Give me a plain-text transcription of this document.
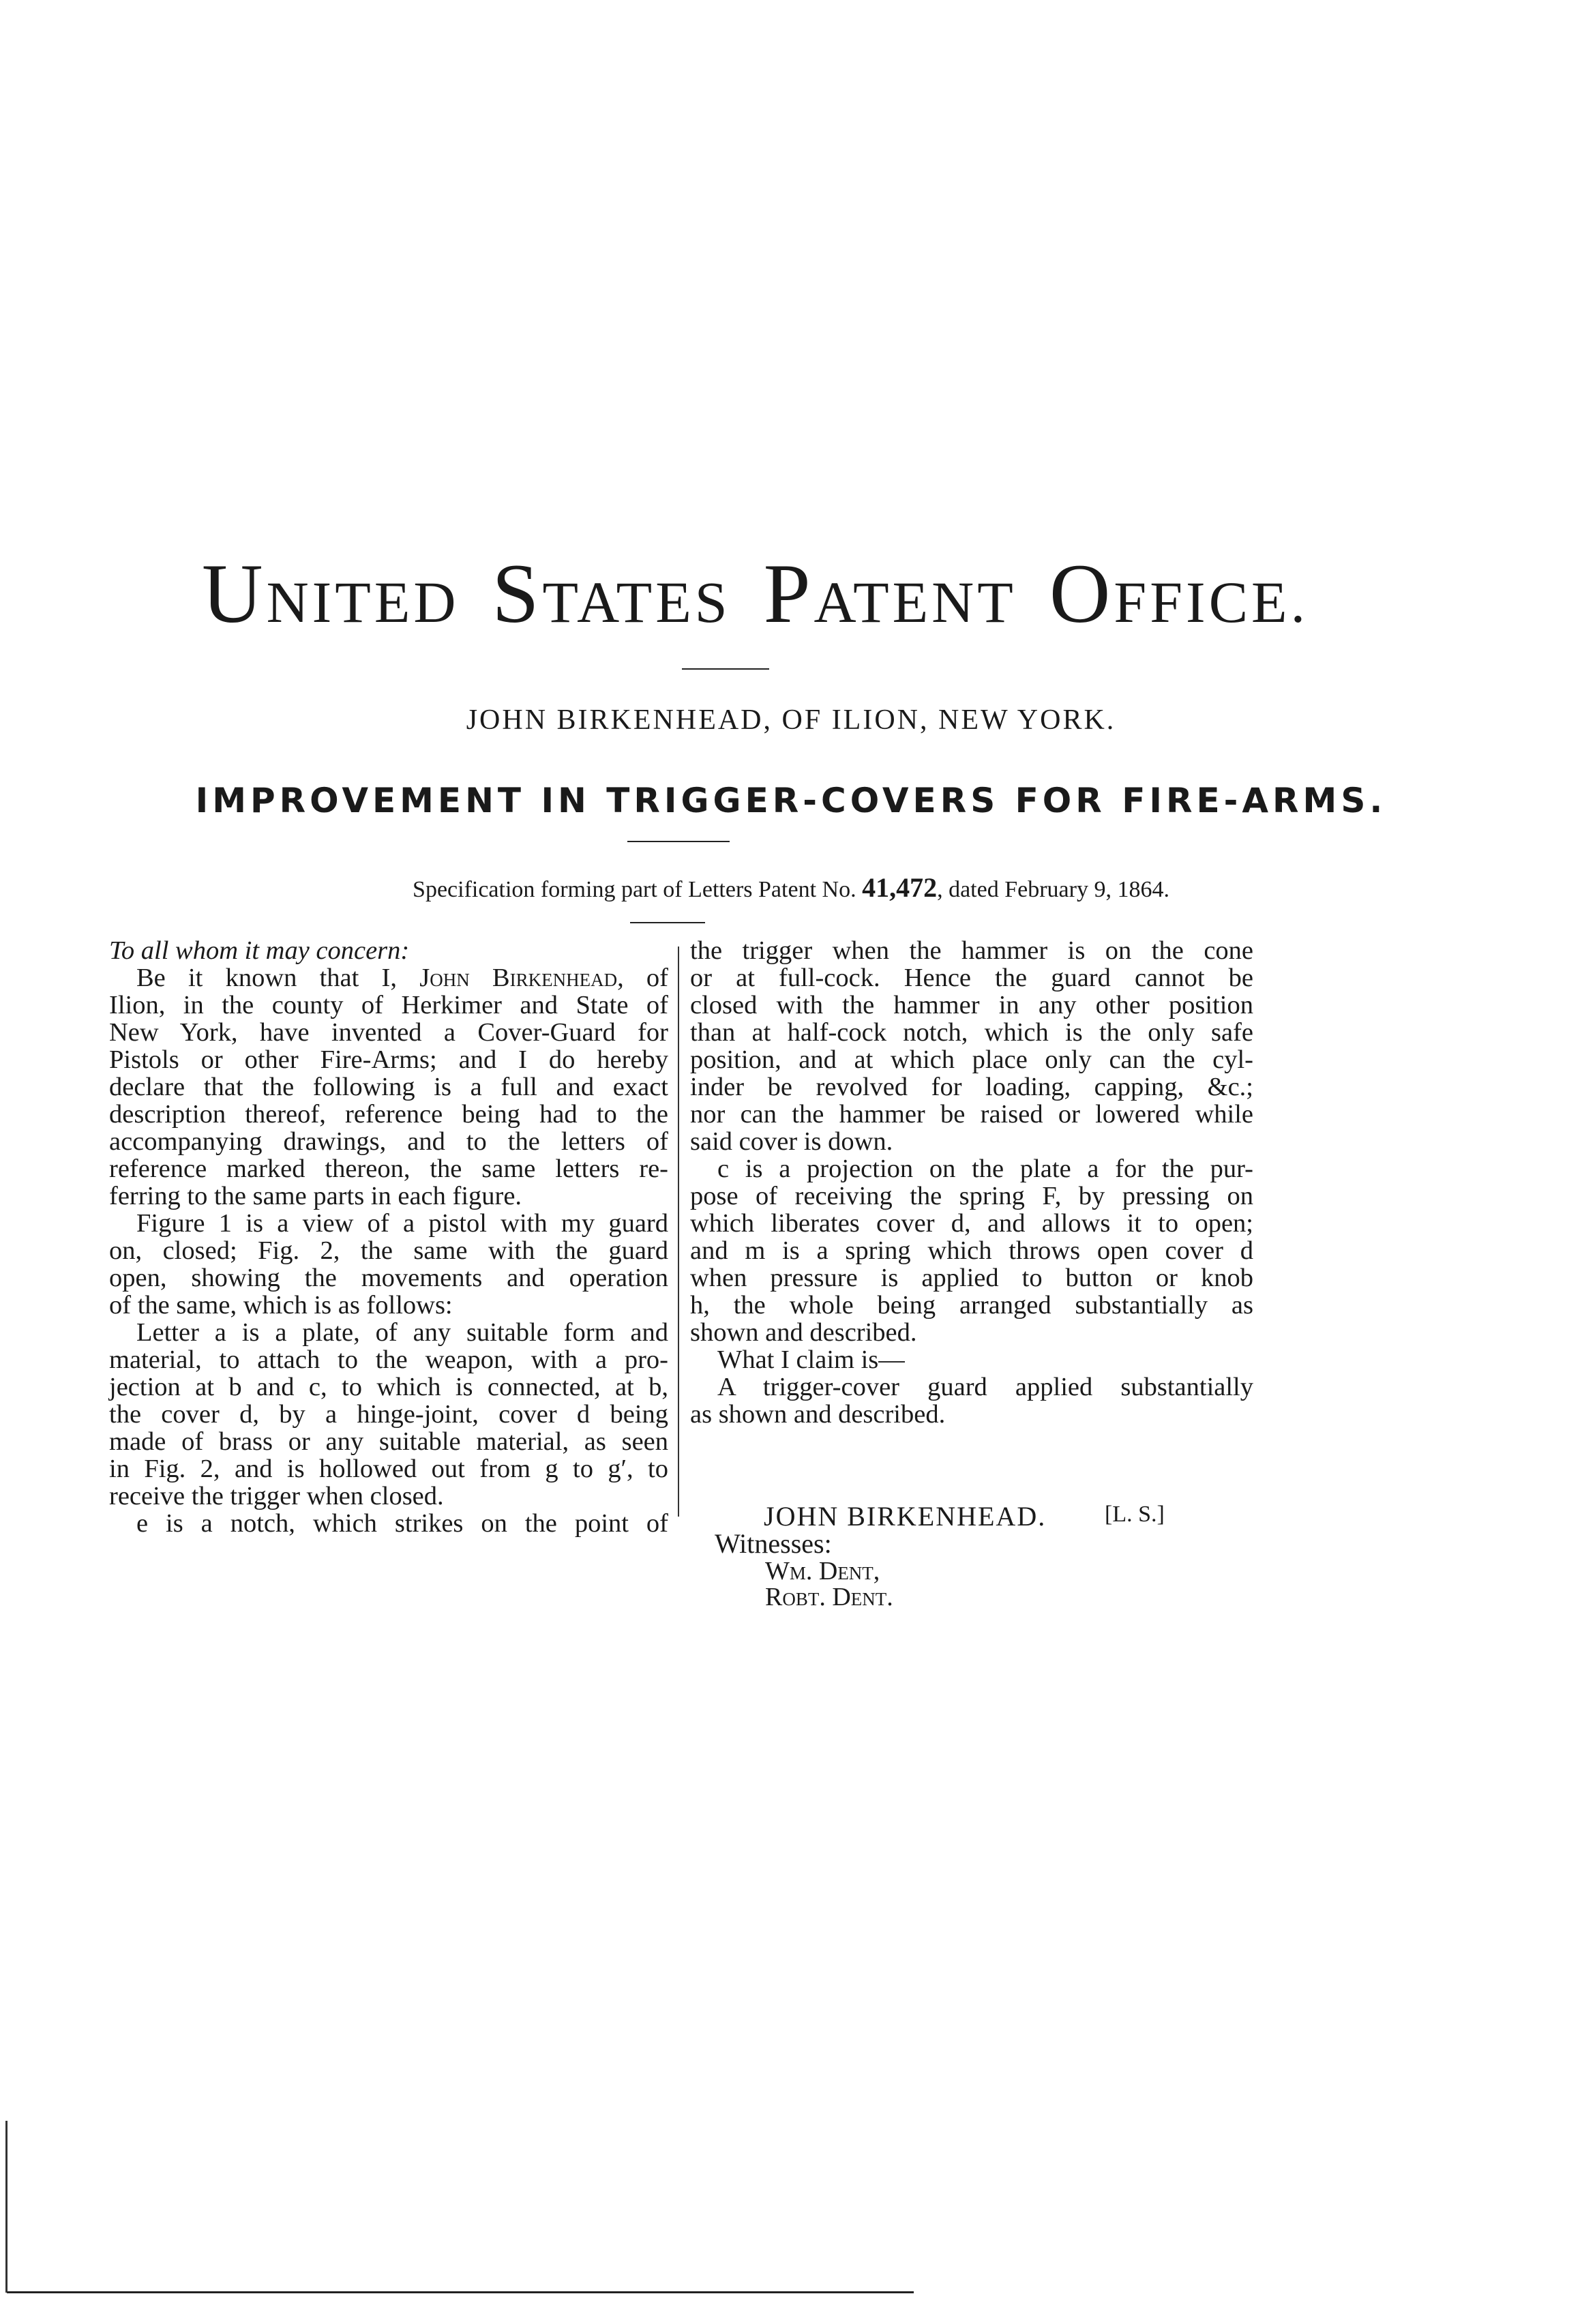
UNITED  STATES  PATENT  OFFICE.
JOHN BIRKENHEAD, OF ILION, NEW YORK.
IMPROVEMENT IN TRIGGER-COVERS FOR FIRE-ARMS.
Specification forming part of Letters Patent No. 41,472, dated February 9, 1864.
To all whom it may concern:
Be it known that I, John Birkenhead, of
Ilion, in the county of Herkimer and State of
New York, have invented a Cover-Guard for
Pistols or other Fire-Arms; and I do hereby
declare that the following is a full and exact
description thereof, reference being had to the
accompanying drawings, and to the letters of
reference marked thereon, the same letters re-
ferring to the same parts in each figure.
Figure 1 is a view of a pistol with my guard
on, closed; Fig. 2, the same with the guard
open, showing the movements and operation
of the same, which is as follows:
Letter a is a plate, of any suitable form and
material, to attach to the weapon, with a pro-
jection at b and c, to which is connected, at b,
the cover d, by a hinge-joint, cover d being
made of brass or any suitable material, as seen
in Fig. 2, and is hollowed out from g to g′, to
receive the trigger when closed.
e is a notch, which strikes on the point of
the trigger when the hammer is on the cone
or at full-cock. Hence the guard cannot be
closed with the hammer in any other position
than at half-cock notch, which is the only safe
position, and at which place only can the cyl-
inder be revolved for loading, capping, &c.;
nor can the hammer be raised or lowered while
said cover is down.
c is a projection on the plate a for the pur-
pose of receiving the spring F, by pressing on
which liberates cover d, and allows it to open;
and m is a spring which throws open cover d
when pressure is applied to button or knob
h, the whole being arranged substantially as
shown and described.
What I claim is—
A trigger-cover guard applied substantially
as shown and described.
JOHN BIRKENHEAD.	[L. S.]
Witnesses:
Wm. Dent,
Robt. Dent.
